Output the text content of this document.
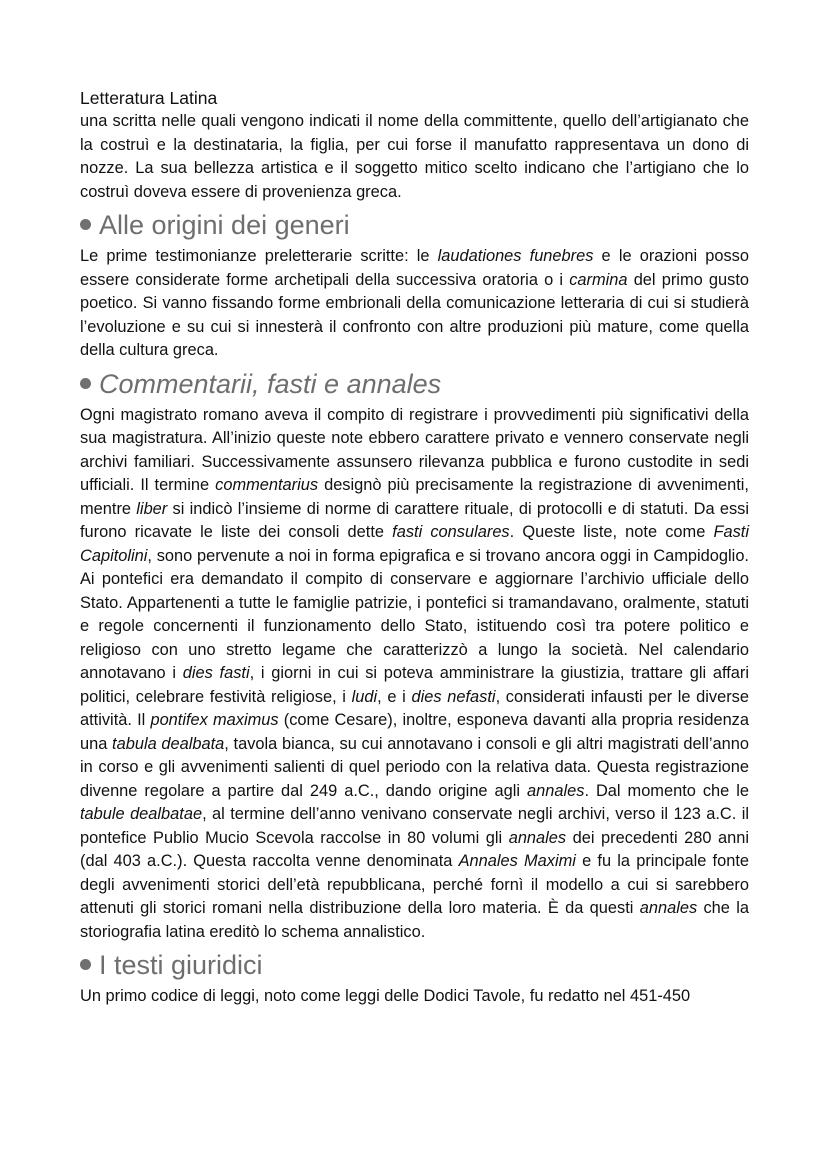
Letteratura Latina

una scritta nelle quali vengono indicati il nome della committente, quello dell’artigianato che la costruì e la destinataria, la figlia, per cui forse il manufatto rappresentava un dono di nozze. La sua bellezza artistica e il soggetto mitico scelto indicano che l’artigiano che lo costruì doveva essere di provenienza greca.

Alle origini dei generi

Le prime testimonianze preletterarie scritte: le laudationes funebres e le orazioni posso essere considerate forme archetipali della successiva oratoria o i carmina del primo gusto poetico. Si vanno fissando forme embrionali della comunicazione letteraria di cui si studierà l’evoluzione e su cui si innesterà il confronto con altre produzioni più mature, come quella della cultura greca.

Commentarii, fasti e annales

Ogni magistrato romano aveva il compito di registrare i provvedimenti più significativi della sua magistratura. All’inizio queste note ebbero carattere privato e vennero conservate negli archivi familiari. Successivamente assunsero rilevanza pubblica e furono custodite in sedi ufficiali. Il termine commentarius designò più precisamente la registrazione di avvenimenti, mentre liber si indicò l’insieme di norme di carattere rituale, di protocolli e di statuti. Da essi furono ricavate le liste dei consoli dette fasti consulares. Queste liste, note come Fasti Capitolini, sono pervenute a noi in forma epigrafica e si trovano ancora oggi in Campidoglio. Ai pontefici era demandato il compito di conservare e aggiornare l’archivio ufficiale dello Stato. Appartenenti a tutte le famiglie patrizie, i pontefici si tramandavano, oralmente, statuti e regole concernenti il funzionamento dello Stato, istituendo così tra potere politico e religioso con uno stretto legame che caratterizzò a lungo la società. Nel calendario annotavano i dies fasti, i giorni in cui si poteva amministrare la giustizia, trattare gli affari politici, celebrare festività religiose, i ludi, e i dies nefasti, considerati infausti per le diverse attività. Il pontifex maximus (come Cesare), inoltre, esponeva davanti alla propria residenza una tabula dealbata, tavola bianca, su cui annotavano i consoli e gli altri magistrati dell’anno in corso e gli avvenimenti salienti di quel periodo con la relativa data. Questa registrazione divenne regolare a partire dal 249 a.C., dando origine agli annales. Dal momento che le tabule dealbatae, al termine dell’anno venivano conservate negli archivi, verso il 123 a.C. il pontefice Publio Mucio Scevola raccolse in 80 volumi gli annales dei precedenti 280 anni (dal 403 a.C.). Questa raccolta venne denominata Annales Maximi e fu la principale fonte degli avvenimenti storici dell’età repubblicana, perché fornì il modello a cui si sarebbero attenuti gli storici romani nella distribuzione della loro materia. È da questi annales che la storiografia latina ereditò lo schema annalistico.

I testi giuridici

Un primo codice di leggi, noto come leggi delle Dodici Tavole, fu redatto nel 451-450
